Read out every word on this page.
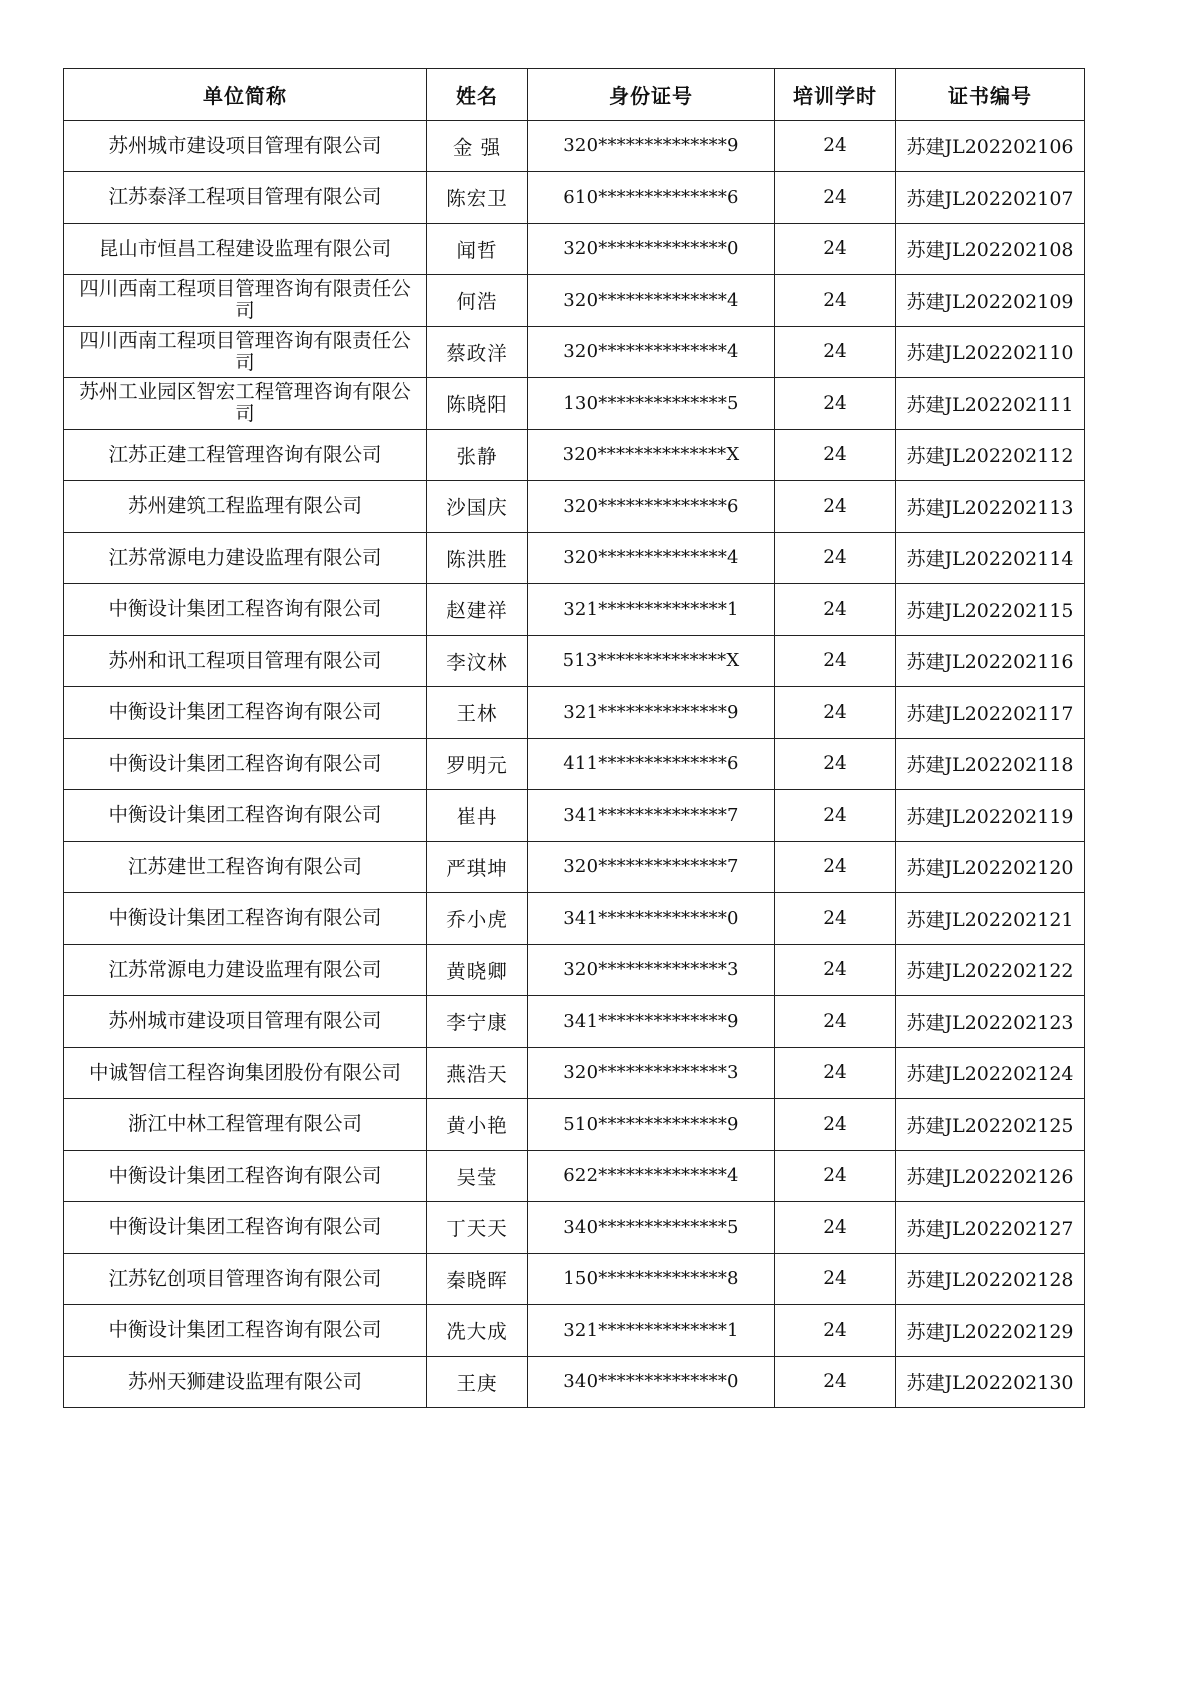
单位简称	姓名	身份证号	培训学时	证书编号
苏州城市建设项目管理有限公司	金 强	320**************9	24	苏建JL202202106
江苏泰泽工程项目管理有限公司	陈宏卫	610**************6	24	苏建JL202202107
昆山市恒昌工程建设监理有限公司	闻哲	320**************0	24	苏建JL202202108
四川西南工程项目管理咨询有限责任公司	何浩	320**************4	24	苏建JL202202109
四川西南工程项目管理咨询有限责任公司	蔡政洋	320**************4	24	苏建JL202202110
苏州工业园区智宏工程管理咨询有限公司	陈晓阳	130**************5	24	苏建JL202202111
江苏正建工程管理咨询有限公司	张静	320**************X	24	苏建JL202202112
苏州建筑工程监理有限公司	沙国庆	320**************6	24	苏建JL202202113
江苏常源电力建设监理有限公司	陈洪胜	320**************4	24	苏建JL202202114
中衡设计集团工程咨询有限公司	赵建祥	321**************1	24	苏建JL202202115
苏州和讯工程项目管理有限公司	李汶林	513**************X	24	苏建JL202202116
中衡设计集团工程咨询有限公司	王林	321**************9	24	苏建JL202202117
中衡设计集团工程咨询有限公司	罗明元	411**************6	24	苏建JL202202118
中衡设计集团工程咨询有限公司	崔冉	341**************7	24	苏建JL202202119
江苏建世工程咨询有限公司	严琪坤	320**************7	24	苏建JL202202120
中衡设计集团工程咨询有限公司	乔小虎	341**************0	24	苏建JL202202121
江苏常源电力建设监理有限公司	黄晓卿	320**************3	24	苏建JL202202122
苏州城市建设项目管理有限公司	李宁康	341**************9	24	苏建JL202202123
中诚智信工程咨询集团股份有限公司	燕浩天	320**************3	24	苏建JL202202124
浙江中林工程管理有限公司	黄小艳	510**************9	24	苏建JL202202125
中衡设计集团工程咨询有限公司	吴莹	622**************4	24	苏建JL202202126
中衡设计集团工程咨询有限公司	丁天天	340**************5	24	苏建JL202202127
江苏钇创项目管理咨询有限公司	秦晓晖	150**************8	24	苏建JL202202128
中衡设计集团工程咨询有限公司	冼大成	321**************1	24	苏建JL202202129
苏州天狮建设监理有限公司	王庚	340**************0	24	苏建JL202202130
